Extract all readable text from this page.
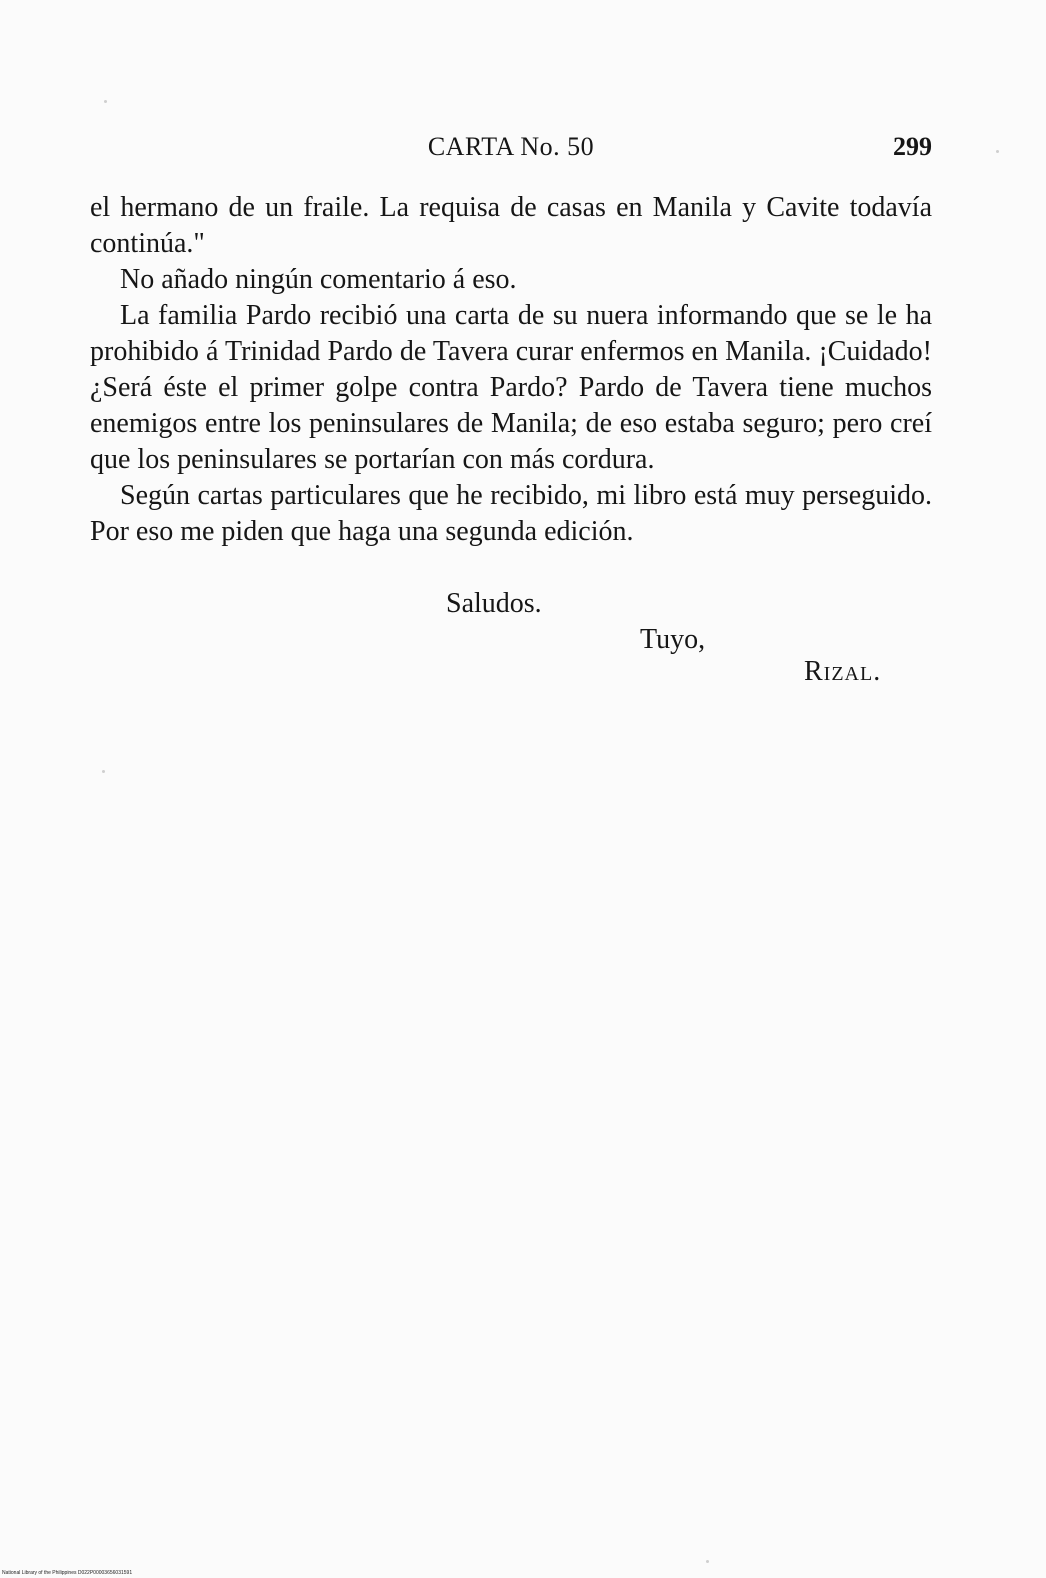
CARTA No. 50	299

el hermano de un fraile. La requisa de casas en Manila y Cavite todavía continúa."

No añado ningún comentario á eso.

La familia Pardo recibió una carta de su nuera informando que se le ha prohibido á Trinidad Pardo de Tavera curar enfermos en Manila. ¡Cuidado! ¿Será éste el primer golpe contra Pardo? Pardo de Tavera tiene muchos enemigos entre los peninsulares de Manila; de eso estaba seguro; pero creí que los peninsulares se portarían con más cordura.

Según cartas particulares que he recibido, mi libro está muy perseguido. Por eso me piden que haga una segunda edición.

Saludos.
Tuyo,
Rizal.
National Library of the Philippines D022P00003656031591
